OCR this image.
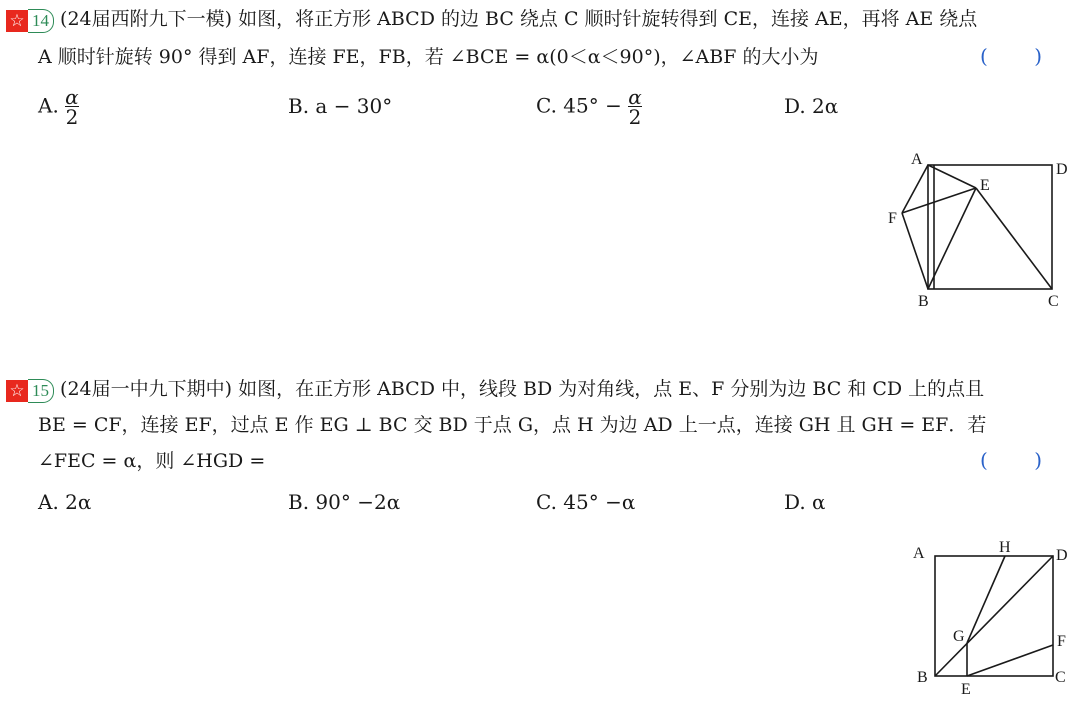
☆ 14 (24届西附九下一模) 如图，将正方形 ABCD 的边 BC 绕点 C 顺时针旋转得到 CE，连接 AE，再将 AE 绕点
A 顺时针旋转 90° 得到 AF，连接 FE，FB，若 ∠BCE = α(0＜α＜90°)，∠ABF 的大小为	( )
A. $\frac{\alpha}{2}$	B. a − 30°	C. $45^\circ - \frac{\alpha}{2}$	D. 2α
A
D
E
F
B	C
☆ 15 (24届一中九下期中) 如图，在正方形 ABCD 中，线段 BD 为对角线，点 E、F 分别为边 BC 和 CD 上的点且
BE = CF，连接 EF，过点 E 作 EG ⊥ BC 交 BD 于点 G，点 H 为边 AD 上一点，连接 GH 且 GH = EF．若
∠FEC = α，则 ∠HGD =	( )
A. 2α	B. 90° −2α	C. 45° −α	D. α
A	H	D
G	F
B
E
C
